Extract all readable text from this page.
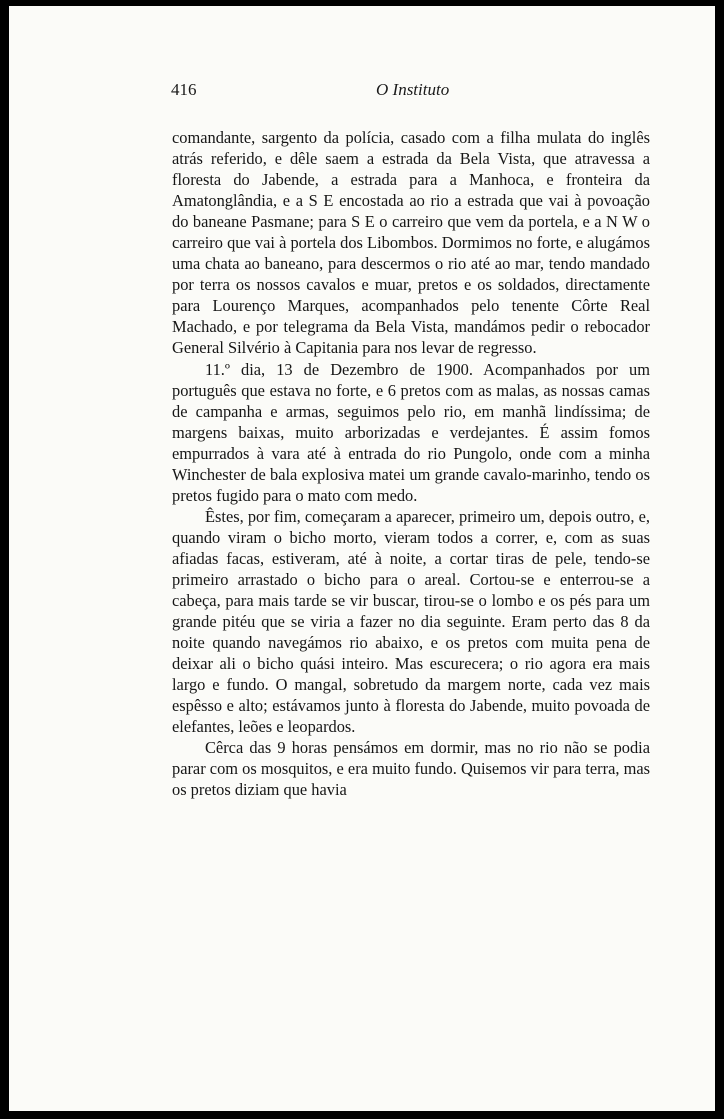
416	O Instituto

comandante, sargento da polícia, casado com a filha mulata do inglês atrás referido, e dêle saem a estrada da Bela Vista, que atravessa a floresta do Jabende, a estrada para a Manhoca, e fronteira da Amatonglândia, e a S E encostada ao rio a estrada que vai à povoação do baneane Pasmane; para S E o carreiro que vem da portela, e a N W o carreiro que vai à portela dos Libombos. Dormimos no forte, e alugámos uma chata ao baneano, para descermos o rio até ao mar, tendo mandado por terra os nossos cavalos e muar, pretos e os soldados, directamente para Lourenço Marques, acompanhados pelo tenente Côrte Real Machado, e por telegrama da Bela Vista, mandámos pedir o rebocador General Silvério à Capitania para nos levar de regresso.

11.º dia, 13 de Dezembro de 1900. Acompanhados por um português que estava no forte, e 6 pretos com as malas, as nossas camas de campanha e armas, seguimos pelo rio, em manhã lindíssima; de margens baixas, muito arborizadas e verdejantes. É assim fomos empurrados à vara até à entrada do rio Pungolo, onde com a minha Winchester de bala explosiva matei um grande cavalo-marinho, tendo os pretos fugido para o mato com medo.

Êstes, por fim, começaram a aparecer, primeiro um, depois outro, e, quando viram o bicho morto, vieram todos a correr, e, com as suas afiadas facas, estiveram, até à noite, a cortar tiras de pele, tendo-se primeiro arrastado o bicho para o areal. Cortou-se e enterrou-se a cabeça, para mais tarde se vir buscar, tirou-se o lombo e os pés para um grande pitéu que se viria a fazer no dia seguinte. Eram perto das 8 da noite quando navegámos rio abaixo, e os pretos com muita pena de deixar ali o bicho quási inteiro. Mas escurecera; o rio agora era mais largo e fundo. O mangal, sobretudo da margem norte, cada vez mais espêsso e alto; estávamos junto à floresta do Jabende, muito povoada de elefantes, leões e leopardos.

Cêrca das 9 horas pensámos em dormir, mas no rio não se podia parar com os mosquitos, e era muito fundo. Quisemos vir para terra, mas os pretos diziam que havia
